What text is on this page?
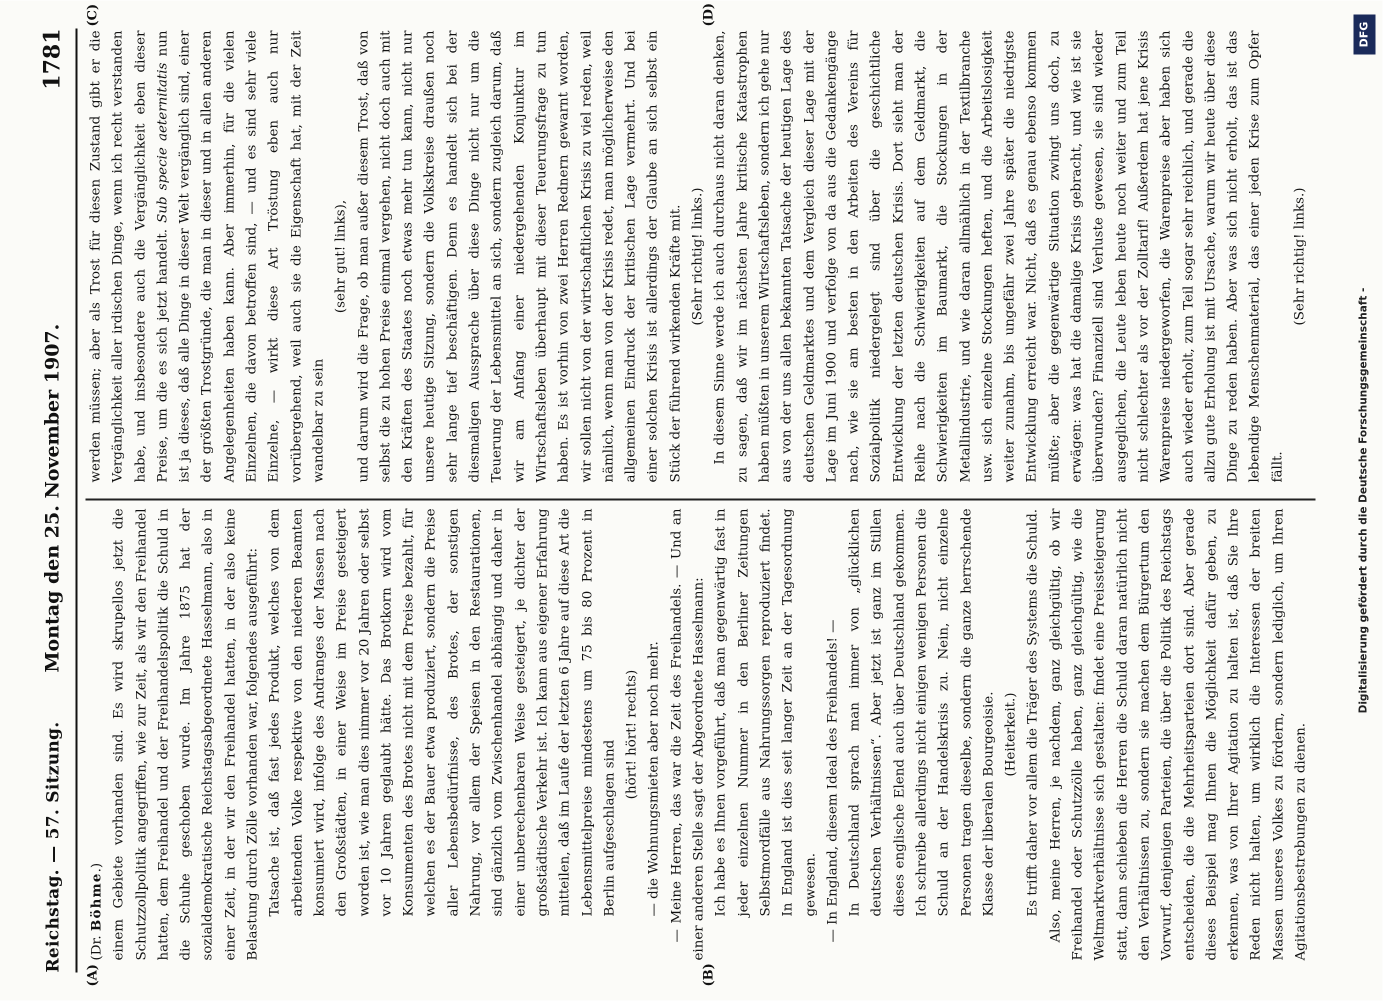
Reichstag. — 57. Sitzung.
Montag den 25. November 1907.
1781
(A)	(B)
(C)	(D)

(Dr. Böhme.) einem Gebiete vorhanden sind. Es wird skrupellos jetzt die Schutzzollpolitik angegriffen, wie zur Zeit, als wir den Freihandel hatten, dem Freihandel und der Freihandelspolitik die Schuld in die Schuhe geschoben wurde. Im Jahre 1875 hat der sozialdemokratische Reichstagsabgeordnete Hasselmann, also in einer Zeit, in der wir den Freihandel hatten, in der also keine Belastung durch Zölle vorhanden war, folgendes ausgeführt: Tatsache ist, daß fast jedes Produkt, welches von dem arbeitenden Volke respektive von den niederen Beamten konsumiert wird, infolge des Andranges der Massen nach den Großstädten, in einer Weise im Preise gesteigert worden ist, wie man dies nimmer vor 20 Jahren oder selbst vor 10 Jahren geglaubt hätte. Das Brotkorn wird vom Konsumenten des Brotes nicht mit dem Preise bezahlt, für welchen es der Bauer etwa produziert, sondern die Preise aller Lebensbedürfnisse, des Brotes, der sonstigen Nahrung, vor allem der Speisen in den Restaurationen, sind gänzlich vom Zwischenhandel abhängig und daher in einer unberechenbaren Weise gesteigert, je dichter der großstädtische Verkehr ist. Ich kann aus eigener Erfahrung mitteilen, daß im Laufe der letzten 6 Jahre auf diese Art die Lebensmittelpreise mindestens um 75 bis 80 Prozent in Berlin aufgeschlagen sind

(hört! hört! rechts) — die Wohnungsmieten aber noch mehr. — Meine Herren, das war die Zeit des Freihandels. — Und an einer anderen Stelle sagt der Abgeordnete Hasselmann: Ich habe es Ihnen vorgeführt, daß man gegenwärtig fast in jeder einzelnen Nummer in den Berliner Zeitungen Selbstmordfälle aus Nahrungssorgen reproduziert findet. In England ist dies seit langer Zeit an der Tagesordnung gewesen. — In England, diesem Ideal des Freihandels! — In Deutschland sprach man immer von „glücklichen deutschen Verhältnissen“. Aber jetzt ist ganz im Stillen dieses englische Elend auch über Deutschland gekommen. Ich schreibe allerdings nicht einigen wenigen Personen die Schuld an der Handelskrisis zu. Nein, nicht einzelne Personen tragen dieselbe, sondern die ganze herrschende Klasse der liberalen Bourgeoisie. (Heiterkeit.) Es trifft daher vor allem die Träger des Systems die Schuld. Also, meine Herren, je nachdem, ganz gleichgültig, ob wir Freihandel oder Schutzzölle haben, ganz gleichgültig, wie die Weltmarktverhältnisse sich gestalten: findet eine Preissteigerung statt, dann schieben die Herren die Schuld daran natürlich nicht den Verhältnissen zu, sondern sie machen dem Bürgertum den Vorwurf, denjenigen Parteien, die über die Politik des Reichstags entscheiden, die die Mehrheitsparteien dort sind. Aber gerade dieses Beispiel mag Ihnen die Möglichkeit dafür geben, zu erkennen, was von Ihrer Agitation zu halten ist, daß Sie Ihre Reden nicht halten, um wirklich die Interessen der breiten Massen unseres Volkes zu fördern, sondern lediglich, um Ihren Agitationsbestrebungen zu dienen.

werden müssen; aber als Trost für diesen Zustand gibt er die Vergänglichkeit aller irdischen Dinge, wenn ich recht verstanden habe, und insbesondere auch die Vergänglichkeit eben dieser Preise, um die es sich jetzt handelt. Sub specie aeternitatis nun ist ja dieses, daß alle Dinge in dieser Welt vergänglich sind, einer der größten Trostgründe, die man in dieser und in allen anderen Angelegenheiten haben kann. Aber immerhin, für die vielen Einzelnen, die davon betroffen sind, — und es sind sehr viele Einzelne, — wirkt diese Art Tröstung eben auch nur vorübergehend, weil auch sie die Eigenschaft hat, mit der Zeit wandelbar zu sein

(sehr gut! links), und darum wird die Frage, ob man außer diesem Trost, daß von selbst die zu hohen Preise einmal vergehen, nicht doch auch mit den Kräften des Staates noch etwas mehr tun kann, nicht nur unsere heutige Sitzung, sondern die Volkskreise draußen noch sehr lange tief beschäftigen. Denn es handelt sich bei der diesmaligen Aussprache über diese Dinge nicht nur um die Teuerung der Lebensmittel an sich, sondern zugleich darum, daß wir am Anfang einer niedergehenden Konjunktur im Wirtschaftsleben überhaupt mit dieser Teuerungsfrage zu tun haben. Es ist vorhin von zwei Herren Rednern gewarnt worden, wir sollen nicht von der wirtschaftlichen Krisis zu viel reden, weil nämlich, wenn man von der Krisis redet, man möglicherweise den allgemeinen Eindruck der kritischen Lage vermehrt. Und bei einer solchen Krisis ist allerdings der Glaube an sich selbst ein Stück der führend wirkenden Kräfte mit. (Sehr richtig! links.) In diesem Sinne werde ich auch durchaus nicht daran denken, zu sagen, daß wir im nächsten Jahre kritische Katastrophen haben müßten in unserem Wirtschaftsleben, sondern ich gehe nur aus von der uns allen bekannten Tatsache der heutigen Lage des deutschen Geldmarktes und dem Vergleich dieser Lage mit der Lage im Juni 1900 und verfolge von da aus die Gedankengänge nach, wie sie am besten in den Arbeiten des Vereins für Sozialpolitik niedergelegt sind über die geschichtliche Entwicklung der letzten deutschen Krisis. Dort sieht man der Reihe nach die Schwierigkeiten auf dem Geldmarkt, die Schwierigkeiten im Baumarkt, die Stockungen in der Metallindustrie, und wie daran allmählich in der Textilbranche usw. sich einzelne Stockungen heften, und die Arbeitslosigkeit weiter zunahm, bis ungefähr zwei Jahre später die niedrigste Entwicklung erreicht war. Nicht, daß es genau ebenso kommen müßte; aber die gegenwärtige Situation zwingt uns doch, zu erwägen: was hat die damalige Krisis gebracht, und wie ist sie überwunden? Finanziell sind Verluste gewesen, sie sind wieder ausgeglichen, die Leute leben heute noch weiter und zum Teil nicht schlechter als vor der Zolltarif! Außerdem hat jene Krisis Warenpreise niedergeworfen, die Warenpreise aber haben sich auch wieder erholt, zum Teil sogar sehr reichlich, und gerade die allzu gute Erholung ist mit Ursache, warum wir heute über diese Dinge zu reden haben. Aber was sich nicht erholt, das ist das lebendige Menschenmaterial, das einer jeden Krise zum Opfer fällt.

(Sehr richtig! links.)

Digitalisierung gefördert durch die Deutsche Forschungsgemeinschaft -
DFG
